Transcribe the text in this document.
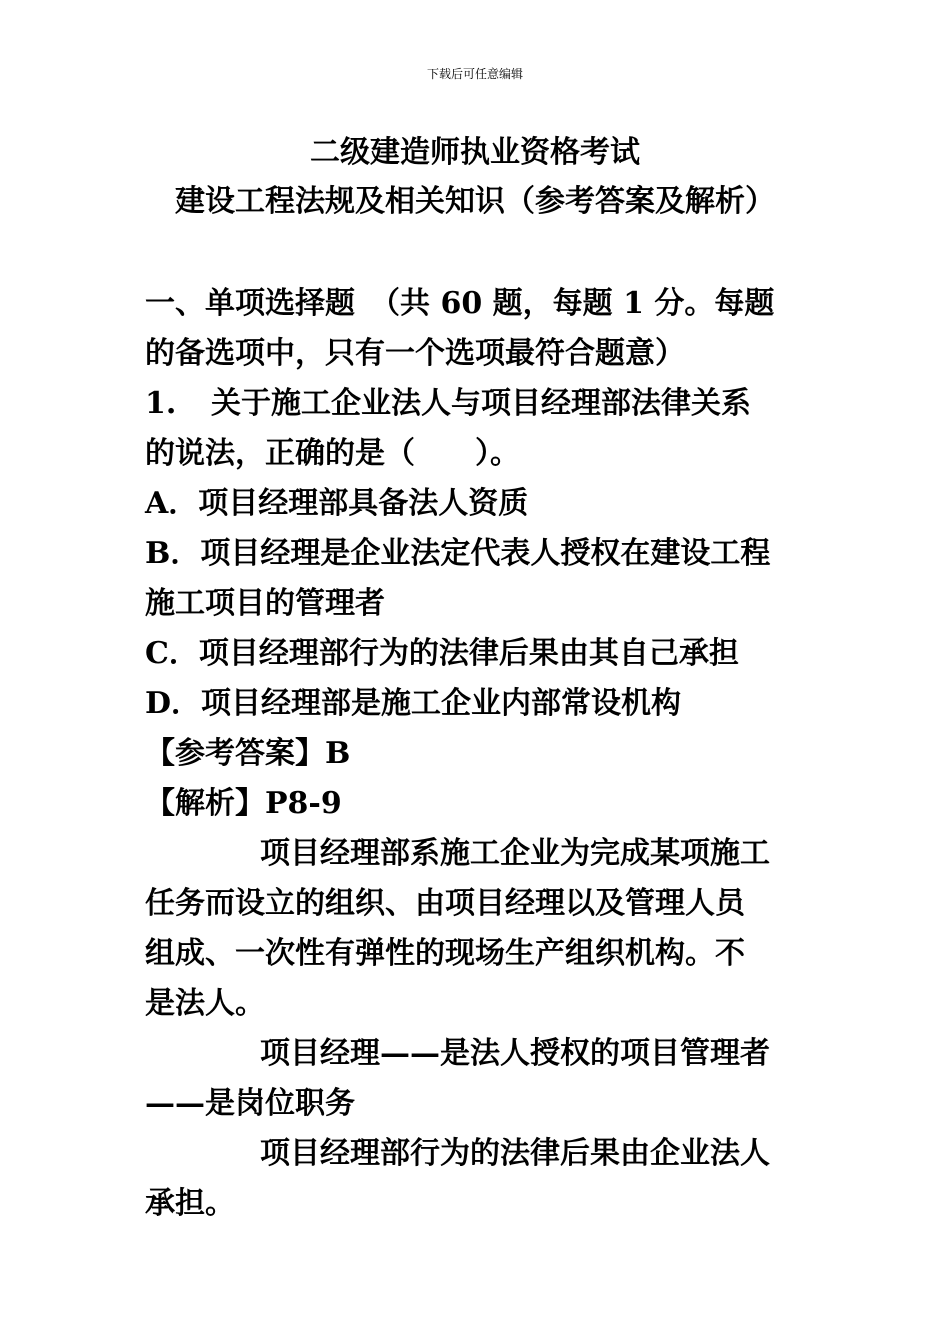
下载后可任意编辑
二级建造师执业资格考试
建设工程法规及相关知识（参考答案及解析）
一、单项选择题　（共 60 题，每题 1 分。每题
的备选项中，只有一个选项最符合题意）
1. 关于施工企业法人与项目经理部法律关系
的说法，正确的是（　　）。
A．项目经理部具备法人资质
B．项目经理是企业法定代表人授权在建设工程
施工项目的管理者
C．项目经理部行为的法律后果由其自己承担
D．项目经理部是施工企业内部常设机构
【参考答案】B
【解析】P8-9
项目经理部系施工企业为完成某项施工
任务而设立的组织、由项目经理以及管理人员
组成、一次性有弹性的现场生产组织机构。不
是法人。
项目经理——是法人授权的项目管理者
——是岗位职务
项目经理部行为的法律后果由企业法人
承担。
